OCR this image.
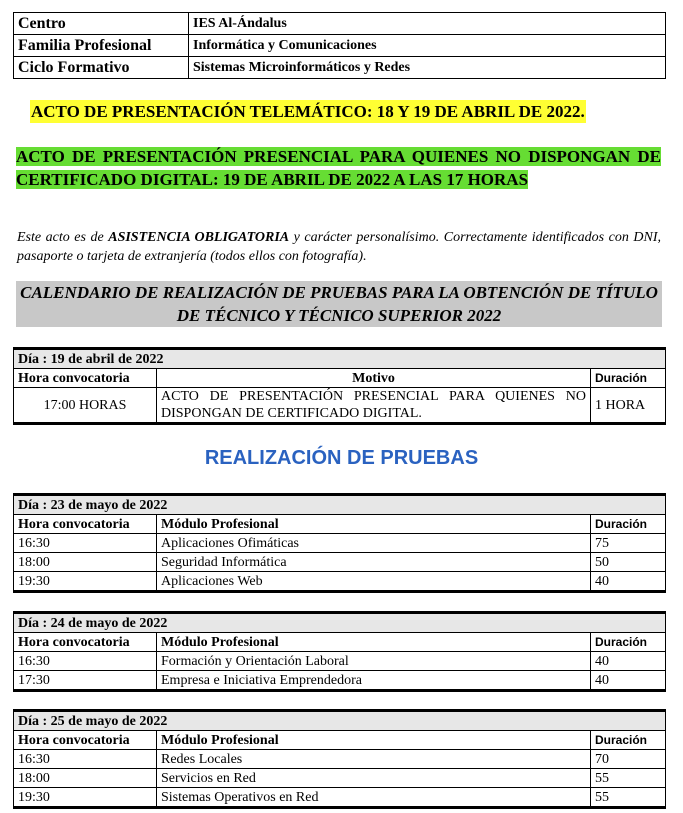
Centro	IES Al-Ándalus
Familia Profesional	Informática y Comunicaciones
Ciclo Formativo	Sistemas Microinformáticos y Redes
ACTO DE PRESENTACIÓN TELEMÁTICO: 18 Y 19 DE ABRIL DE 2022.
ACTO DE PRESENTACIÓN PRESENCIAL PARA QUIENES NO DISPONGAN DE CERTIFICADO DIGITAL: 19 DE ABRIL DE 2022 A LAS 17 HORAS
Este acto es de ASISTENCIA OBLIGATORIA y carácter personalísimo. Correctamente identificados con DNI, pasaporte o tarjeta de extranjería (todos ellos con fotografía).
CALENDARIO DE REALIZACIÓN DE PRUEBAS PARA LA OBTENCIÓN DE TÍTULO DE TÉCNICO Y TÉCNICO SUPERIOR 2022
Día : 19 de abril de 2022		
Hora convocatoria	Motivo	Duración
17:00 HORAS	ACTO DE PRESENTACIÓN PRESENCIAL PARA QUIENES NO DISPONGAN DE CERTIFICADO DIGITAL.	1 HORA
REALIZACIÓN DE PRUEBAS
Día : 23 de mayo de 2022		
Hora convocatoria	Módulo Profesional	Duración
16:30	Aplicaciones Ofimáticas	75
18:00	Seguridad Informática	50
19:30	Aplicaciones Web	40
Día : 24 de mayo de 2022		
Hora convocatoria	Módulo Profesional	Duración
16:30	Formación y Orientación Laboral	40
17:30	Empresa e Iniciativa Emprendedora	40
Día : 25 de mayo de 2022		
Hora convocatoria	Módulo Profesional	Duración
16:30	Redes Locales	70
18:00	Servicios en Red	55
19:30	Sistemas Operativos en Red	55
